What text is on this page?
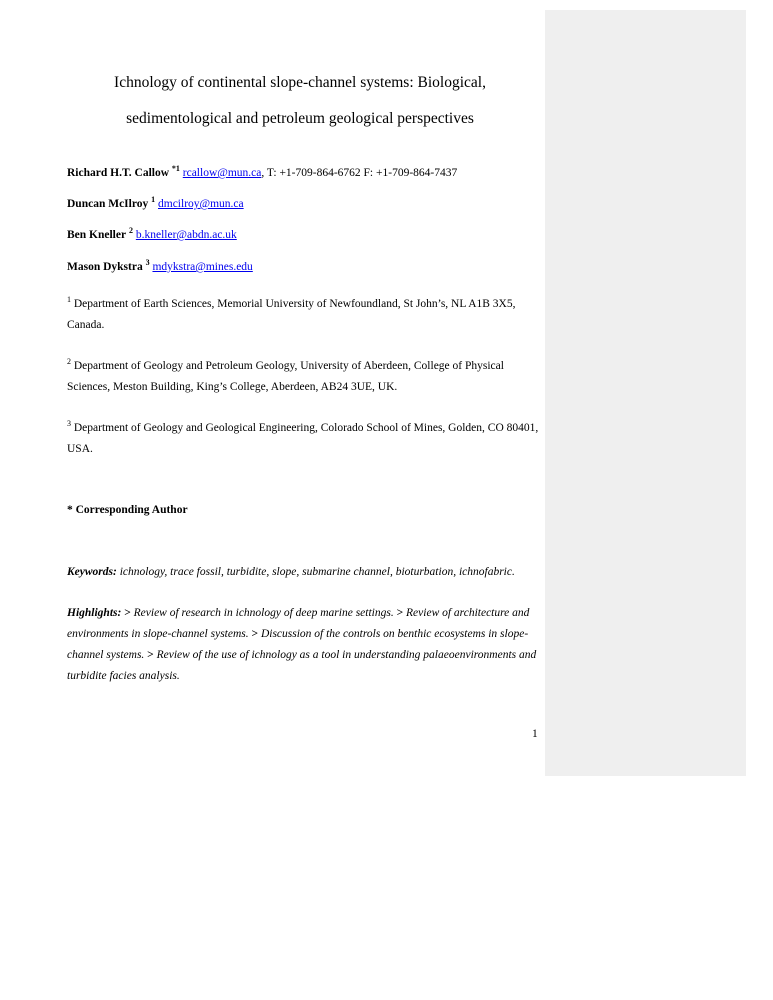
Ichnology of continental slope-channel systems: Biological,
sedimentological and petroleum geological perspectives
Richard H.T. Callow $^{*1}$ rcallow@mun.ca, T: +1-709-864-6762 F: +1-709-864-7437
Duncan McIlroy $^1$ dmcilroy@mun.ca
Ben Kneller $^2$ b.kneller@abdn.ac.uk
Mason Dykstra $^3$ mdykstra@mines.edu

$^1$ Department of Earth Sciences, Memorial University of Newfoundland, St John’s, NL A1B 3X5, Canada.

$^2$ Department of Geology and Petroleum Geology, University of Aberdeen, College of Physical Sciences, Meston Building, King’s College, Aberdeen, AB24 3UE, UK.

$^3$ Department of Geology and Geological Engineering, Colorado School of Mines, Golden, CO 80401, USA.

* Corresponding Author

Keywords: ichnology, trace fossil, turbidite, slope, submarine channel, bioturbation, ichnofabric.

Highlights: > Review of research in ichnology of deep marine settings. > Review of architecture and environments in slope-channel systems. > Discussion of the controls on benthic ecosystems in slope-channel systems. > Review of the use of ichnology as a tool in understanding palaeoenvironments and turbidite facies analysis.

1
